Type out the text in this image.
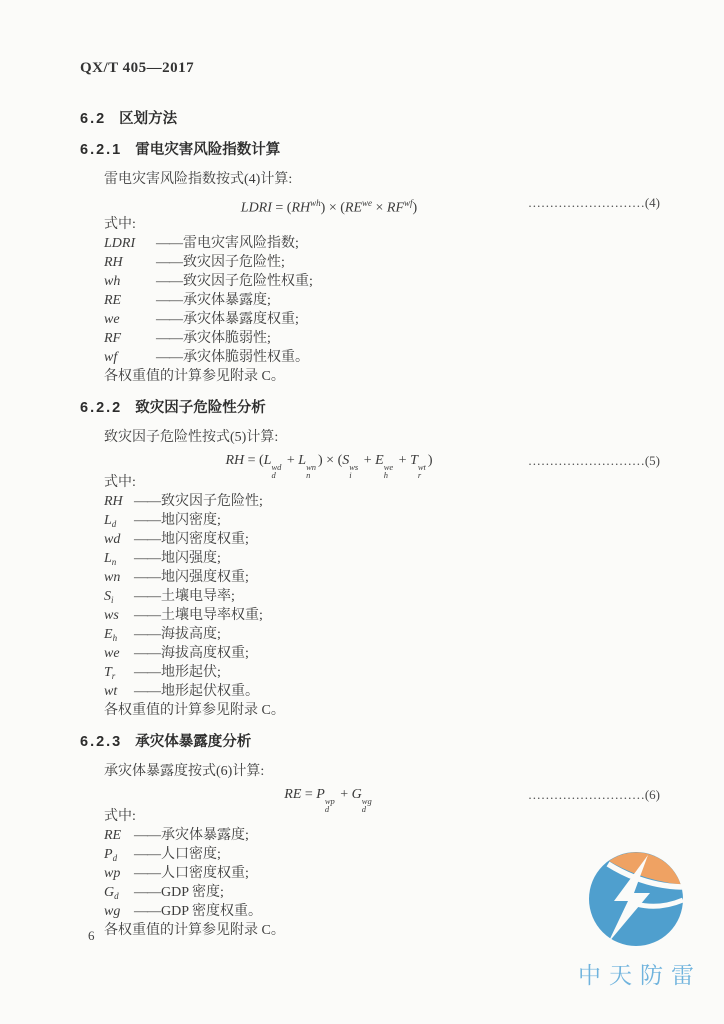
QX/T 405—2017
6.2 区划方法
6.2.1 雷电灾害风险指数计算
雷电灾害风险指数按式(4)计算:
LDRI = $(RH^{wh}) \times (RE^{we} \times RF^{wf})$	………………………(4)
式中:
LDRI ——雷电灾害风险指数;
RH ——致灾因子危险性;
wh	——致灾因子危险性权重;
RE ——承灾体暴露度;
we	——承灾体暴露度权重;
RF ——承灾体脆弱性;
wf	——承灾体脆弱性权重。
各权重值的计算参见附录 C。
6.2.2 致灾因子危险性分析
致灾因子危险性按式(5)计算:
RH = (L wd
d
+ L wn
n
) × (S ws
i
+ E we
h
+ T wt
r
)	………………………(5)
式中:
RH ——致灾因子危险性;
$L_d$ ——地闪密度;
wd ——地闪密度权重;
$L_n$ ——地闪强度;
wn ——地闪强度权重;
$S_i$ ——土壤电导率;
ws ——土壤电导率权重;
$E_h$ ——海拔高度;
we ——海拔高度权重;
$T_r$ ——地形起伏;
wt ——地形起伏权重。
各权重值的计算参见附录 C。
6.2.3 承灾体暴露度分析
承灾体暴露度按式(6)计算:
RE = P wp
d
+ G wg
d
………………………(6)
式中:
RE ——承灾体暴露度;
$P_d$ ——人口密度;
wp ——人口密度权重;
$G_d$ ——GDP 密度;
wg ——GDP 密度权重。
各权重值的计算参见附录 C。
6
中天防雷
